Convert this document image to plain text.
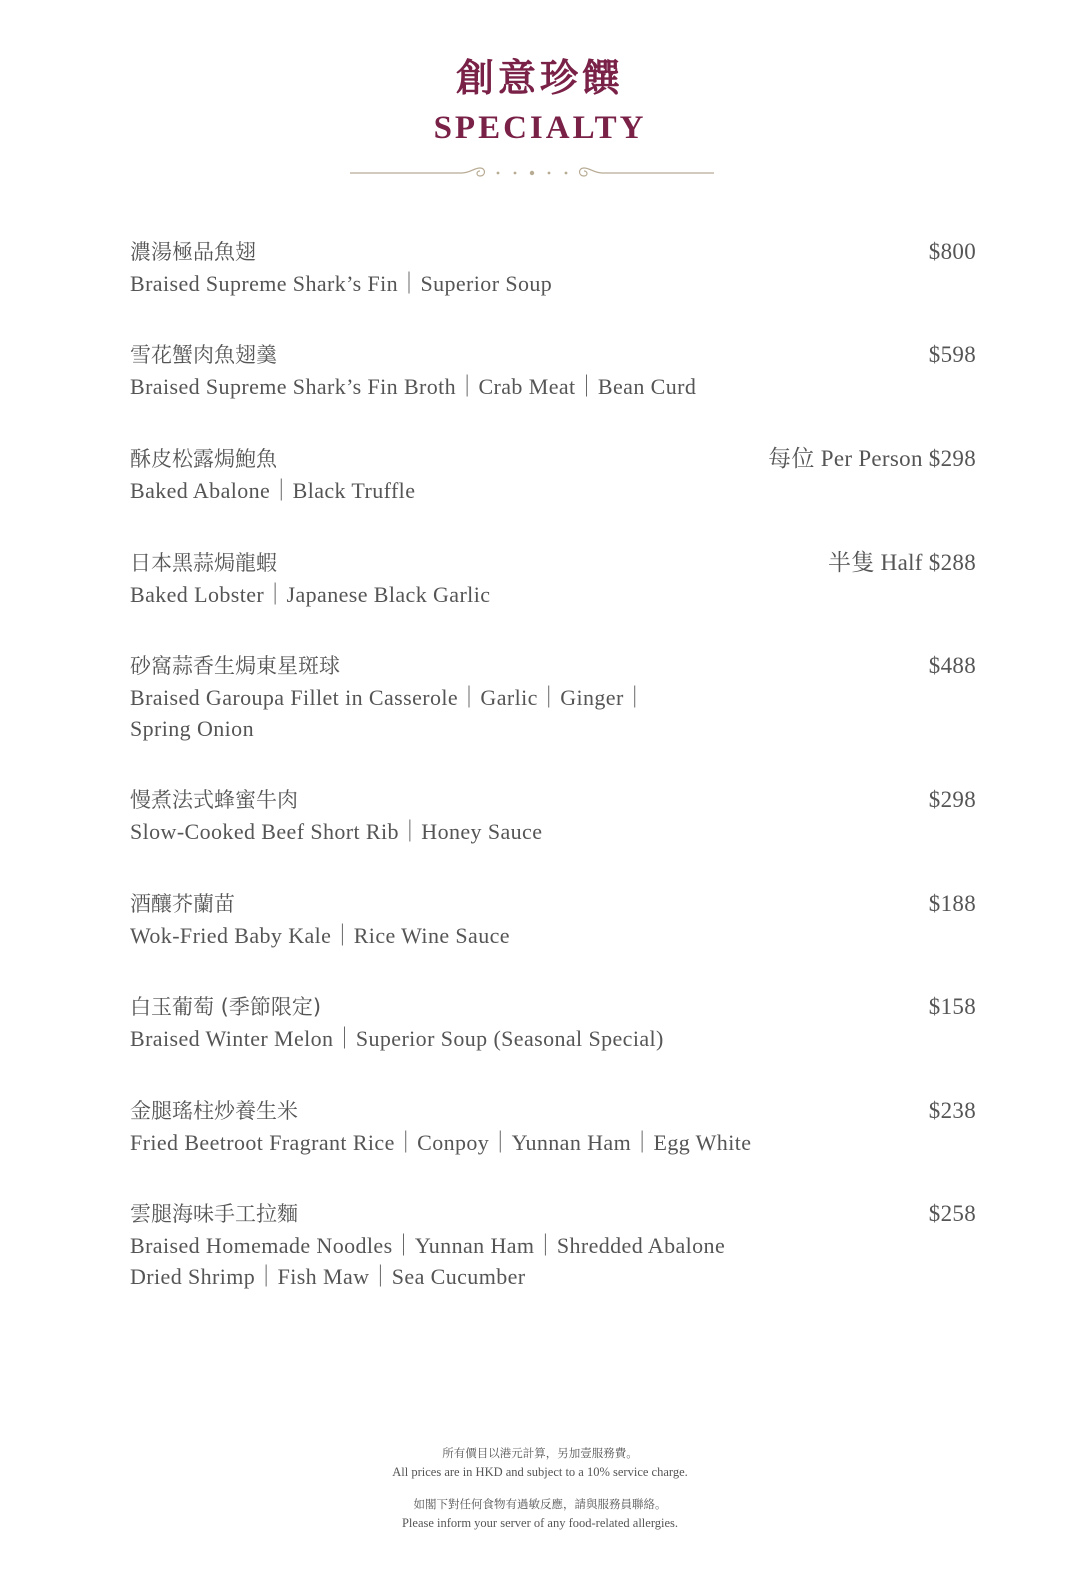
創意珍饌
SPECIALTY
濃湯極品魚翅
Braised Supreme Shark’s Fin｜Superior Soup
$800
雪花蟹肉魚翅羹
Braised Supreme Shark’s Fin Broth｜Crab Meat｜Bean Curd
$598
酥皮松露焗鮑魚
Baked Abalone｜Black Truffle
每位 Per Person $298
日本黑蒜焗龍蝦
Baked Lobster｜Japanese Black Garlic
半隻 Half $288
砂窩蒜香生焗東星斑球
Braised Garoupa Fillet in Casserole｜Garlic｜Ginger｜ Spring Onion
$488
慢煮法式蜂蜜牛肉
Slow-Cooked Beef Short Rib｜Honey Sauce
$298
酒釀芥蘭苗
Wok-Fried Baby Kale｜Rice Wine Sauce
$188
白玉葡萄 (季節限定)
Braised Winter Melon｜Superior Soup (Seasonal Special)
$158
金腿瑤柱炒養生米
Fried Beetroot Fragrant Rice｜Conpoy｜Yunnan Ham｜Egg White
$238
雲腿海味手工拉麵
Braised Homemade Noodles｜Yunnan Ham｜Shredded Abalone Dried Shrimp｜Fish Maw｜Sea Cucumber
$258
所有價目以港元計算，另加壹服務費。
All prices are in HKD and subject to a 10% service charge.
如閣下對任何食物有過敏反應，請與服務員聯絡。
Please inform your server of any food-related allergies.
